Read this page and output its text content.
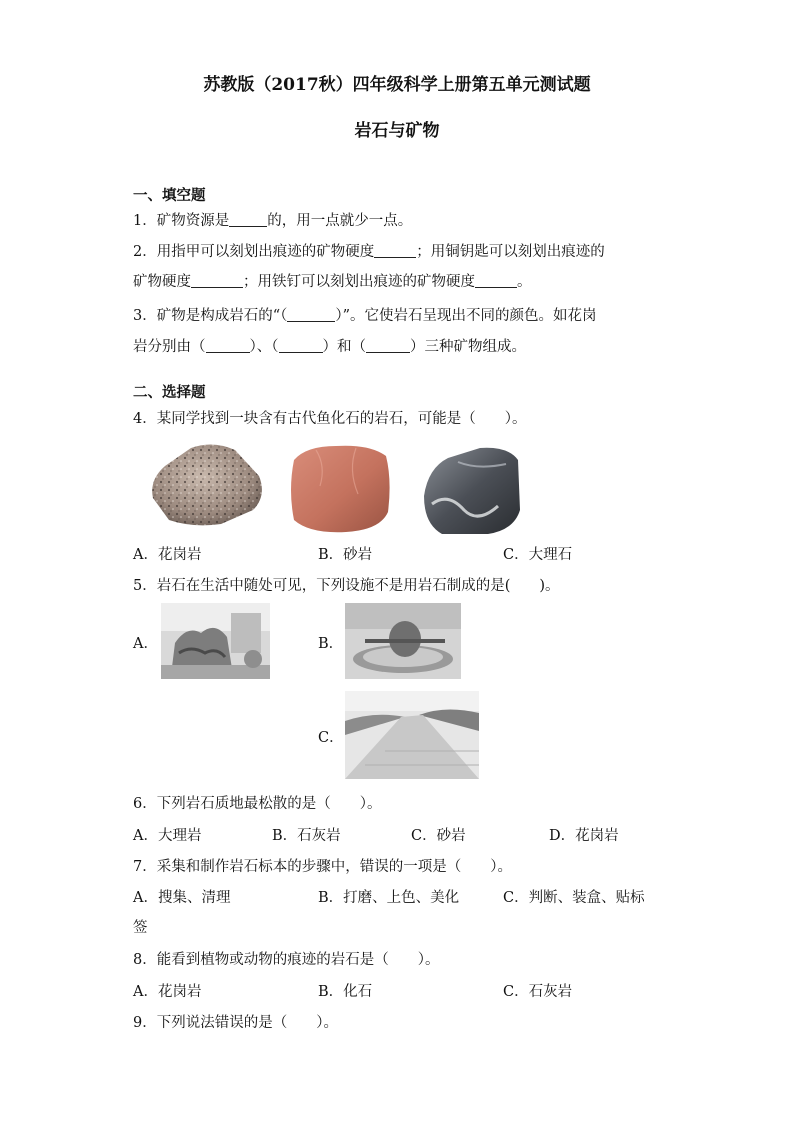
苏教版（2017秋）四年级科学上册第五单元测试题
岩石与矿物
一、填空题
1．矿物资源是	的，用一点就少一点。
2．用指甲可以刻划出痕迹的矿物硬度	；用铜钥匙可以刻划出痕迹的
矿物硬度	；用铁钉可以刻划出痕迹的矿物硬度	。
3．矿物是构成岩石的“（	）”。它使岩石呈现出不同的颜色。如花岗
岩分别由（	）、（	）和（	）三种矿物组成。
二、选择题
4．某同学找到一块含有古代鱼化石的岩石，可能是（　　）。
A．花岗岩	B．砂岩	C．大理石
5．岩石在生活中随处可见，下列设施不是用岩石制成的是(　　)。
A．	B．
C．
6．下列岩石质地最松散的是（　　）。
A．大理岩	B．石灰岩	C．砂岩	D．花岗岩
7．采集和制作岩石标本的步骤中，错误的一项是（　　）。
A．搜集、清理	B．打磨、上色、美化	C．判断、装盒、贴标
签
8．能看到植物或动物的痕迹的岩石是（　　）。
A．花岗岩	B．化石	C．石灰岩
9．下列说法错误的是（　　）。
